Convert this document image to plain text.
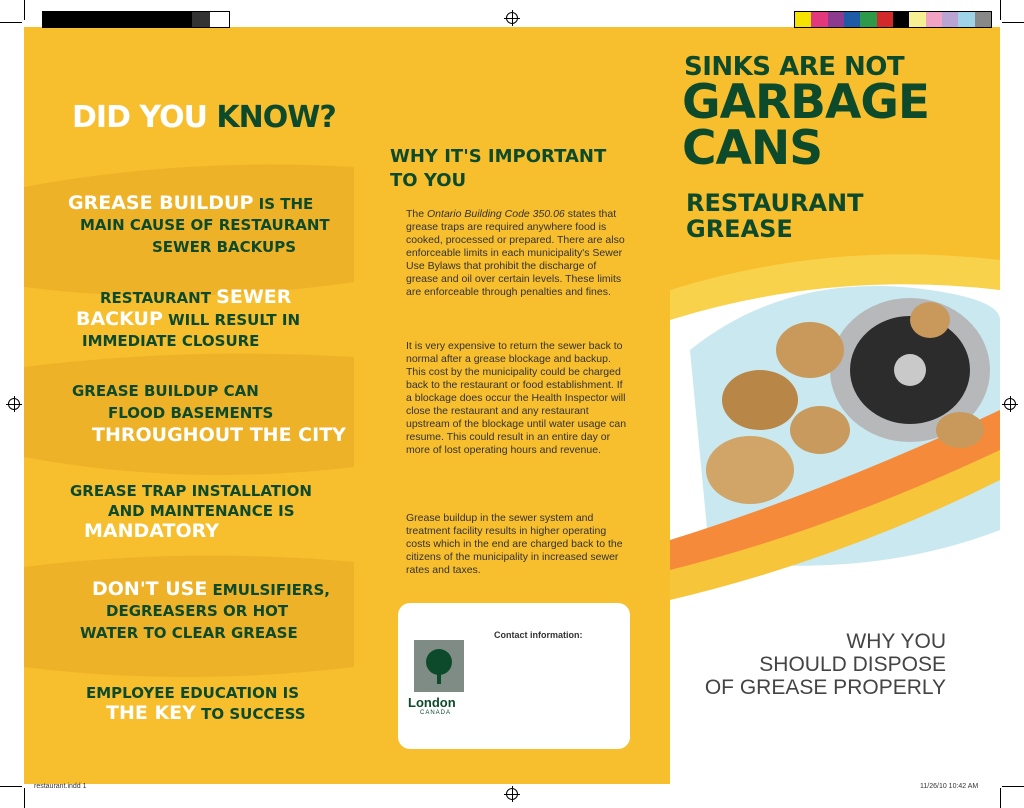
DID YOU KNOW?
GREASE BUILDUP IS THE
MAIN CAUSE OF RESTAURANT
SEWER BACKUPS
RESTAURANT SEWER
BACKUP WILL RESULT IN
IMMEDIATE CLOSURE
GREASE BUILDUP CAN
FLOOD BASEMENTS
THROUGHOUT THE CITY
GREASE TRAP INSTALLATION
AND MAINTENANCE IS
MANDATORY
DON'T USE EMULSIFIERS,
DEGREASERS OR HOT
WATER TO CLEAR GREASE
EMPLOYEE EDUCATION IS
THE KEY TO SUCCESS
WHY IT'S IMPORTANT
TO YOU
The Ontario Building Code 350.06 states that grease traps are required anywhere food is cooked, processed or prepared. There are also enforceable limits in each municipality's Sewer Use Bylaws that prohibit the discharge of grease and oil over certain levels. These limits are enforceable through penalties and fines.
It is very expensive to return the sewer back to normal after a grease blockage and backup. This cost by the municipality could be charged back to the restaurant or food establishment. If a blockage does occur the Health Inspector will close the restaurant and any restaurant upstream of the blockage until water usage can resume. This could result in an entire day or more of lost operating hours and revenue.
Grease buildup in the sewer system and treatment facility results in higher operating costs which in the end are charged back to the citizens of the municipality in increased sewer rates and taxes.
Contact information:
London
CANADA
SINKS ARE NOT
GARBAGE
CANS
RESTAURANT
GREASE
WHY YOU
SHOULD DISPOSE
OF GREASE PROPERLY
restaurant.indd 1	11/26/10 10:42 AM
